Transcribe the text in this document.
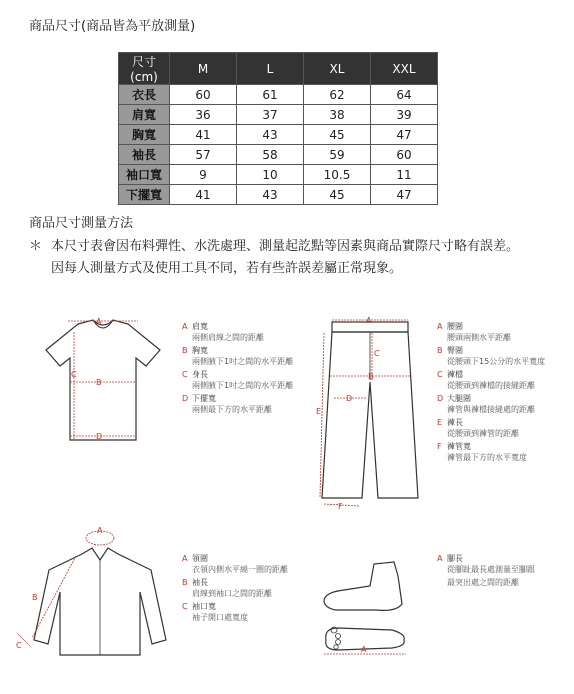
商品尺寸(商品皆為平放測量)
尺寸(cm)	M	L	XL	XXL
衣長	60	61	62	64
肩寬	36	37	38	39
胸寬	41	43	45	47
袖長	57	58	59	60
袖口寬	9	10	10.5	11
下擺寬	41	43	45	47
商品尺寸測量方法
＊ 本尺寸表會因布料彈性、水洗處理、測量起訖點等因素與商品實際尺寸略有誤差。
因每人測量方式及使用工具不同，若有些許誤差屬正常現象。
A
B
C
D
A 肩寬
兩側肩線之間的距離
B 胸寬
兩側腋下1吋之間的水平距離
C 身長
兩側腋下1吋之間的水平距離
D 下擺寬
兩側最下方的水平距離
A
B
C
D
E
F
A 腰圍
腰頭兩側水平距離
B 臀圍
從腰頭下15公分的水平寬度
C 褲檔
從腰頭到褲檔的接縫距離
D 大腿圍
褲管與褲檔接縫處的距離
E 褲長
從腰頭到褲管的距離
F 褲管寬
褲管最下方的水平寬度
A
B
C
A 領圍
衣領內側水平繞一圈的距離
B 袖長
肩線到袖口之間的距離
C 袖口寬
袖子開口處寬度
A
A 腳長
從腳趾最長處測量至腳跟
最突出處之間的距離
